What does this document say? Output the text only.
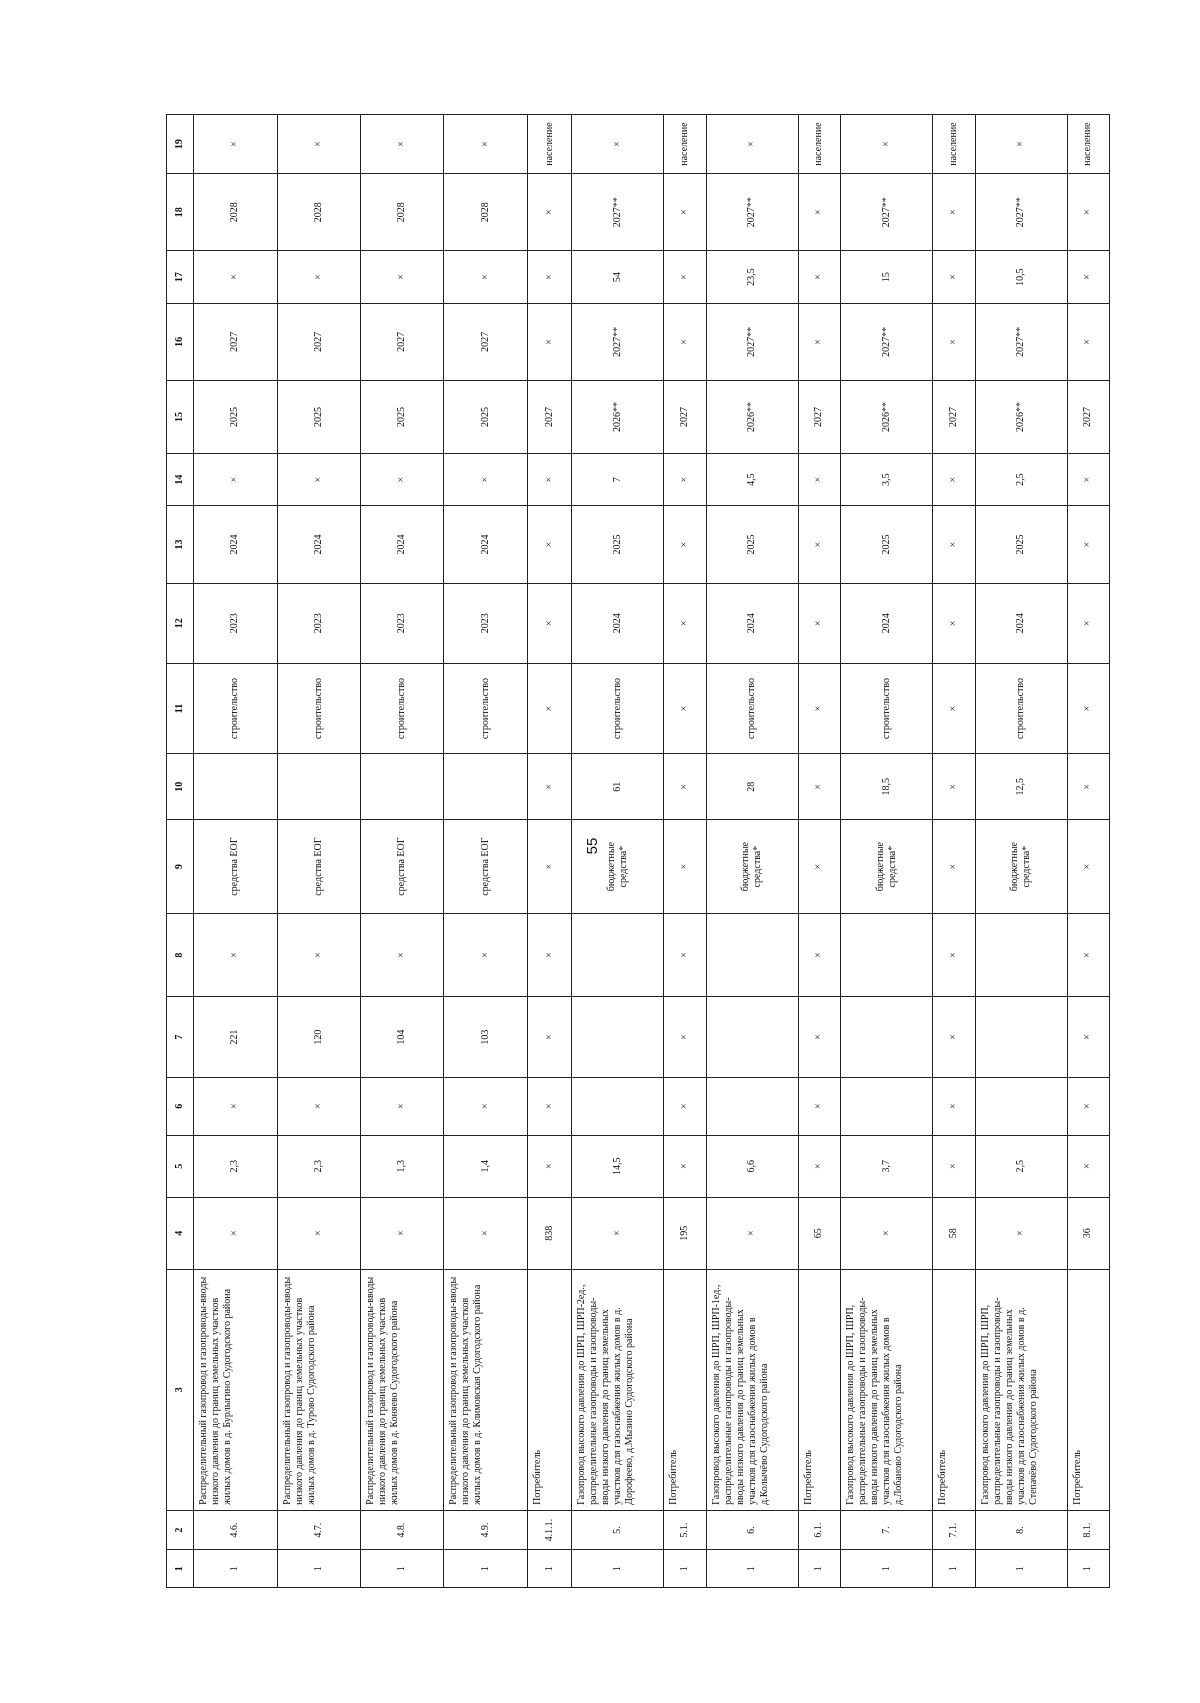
55
1	2	3	4	5	6	7	8	9	10	11	12	13	14	15	16	17	18	19
1	4.6.	Распределительный газопровод и газопроводы-вводы низкого давления до границ земельных участков жилых домов в д. Бурлыгино Судогодского района	×	2,3	×	221	×	средства ЕОГ		строительство	2023	2024	×	2025	2027	×	2028	×
1	4.7.	Распределительный газопровод и газопроводы-вводы низкого давления до границ земельных участков жилых домов в д. Турово Судогодского района	×	2,3	×	120	×	средства ЕОГ		строительство	2023	2024	×	2025	2027	×	2028	×
1	4.8.	Распределительный газопровод и газопроводы-вводы низкого давления до границ земельных участков жилых домов в д. Коняево Судогодского района	×	1,3	×	104	×	средства ЕОГ		строительство	2023	2024	×	2025	2027	×	2028	×
1	4.9.	Распределительный газопровод и газопроводы-вводы низкого давления до границ земельных участков жилых домов в д. Климовская Судогодского района	×	1,4	×	103	×	средства ЕОГ		строительство	2023	2024	×	2025	2027	×	2028	×
1	4.1.1.	Потребитель	838	×	×	×	×	×	×	×	×	×	×	2027	×	×	×	население
1	5.	Газопровод высокого давления до ШРП, ШРП-2ед., распределительные газопроводы и газопроводы-вводы низкого давления до границ земельных участков для газоснабжения жилых домов в д. Дорофеево, д.Мызино Судогодского района	×	14,5				бюджетные средства*	61	строительство	2024	2025	7	2026**	2027**	54	2027**	×
1	5.1.	Потребитель	195	×	×	×	×	×	×	×	×	×	×	2027	×	×	×	население
1	6.	Газопровод высокого давления до ШРП, ШРП-1ед., распределительные газопроводы и газопроводы-вводы низкого давления до границ земельных участков для газоснабжения жилых домов в д.Колычёво Судогодского района	×	6,6				бюджетные средства*	28	строительство	2024	2025	4,5	2026**	2027**	23,5	2027**	×
1	6.1.	Потребитель	65	×	×	×	×	×	×	×	×	×	×	2027	×	×	×	население
1	7.	Газопровод высокого давления до ШРП, ШРП, распределительные газопроводы и газопроводы-вводы низкого давления до границ земельных участков для газоснабжения жилых домов в д.Лобаново Судогодского района	×	3,7				бюджетные средства*	18,5	строительство	2024	2025	3,5	2026**	2027**	15	2027**	×
1	7.1.	Потребитель	58	×	×	×	×	×	×	×	×	×	×	2027	×	×	×	население
1	8.	Газопровод высокого давления до ШРП, ШРП, распределительные газопроводы и газопроводы-вводы низкого давления до границ земельных участков для газоснабжения жилых домов в д. Степачёво Судогодского района	×	2,5				бюджетные средства*	12,5	строительство	2024	2025	2,5	2026**	2027**	10,5	2027**	×
1	8.1.	Потребитель	36	×	×	×	×	×	×	×	×	×	×	2027	×	×	×	население
